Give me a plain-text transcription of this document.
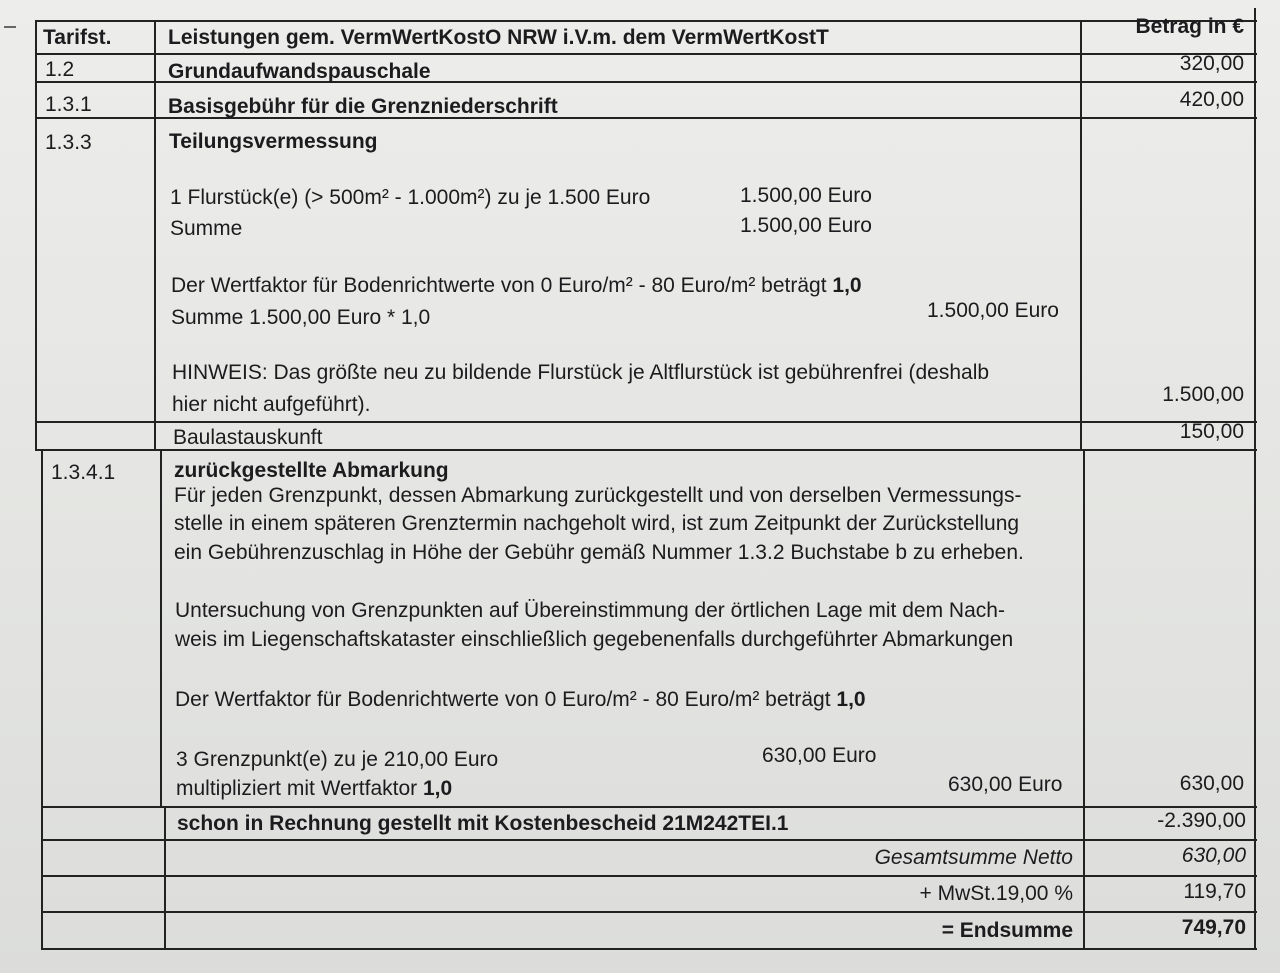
Tarifst.	Leistungen gem. VermWertKostO NRW i.V.m. dem VermWertKostT	Betrag in €
1.2	Grundaufwandspauschale	320,00
1.3.1	Basisgebühr für die Grenzniederschrift	420,00
1.3.3	Teilungsvermessung
1 Flurstück(e) (> 500m² - 1.000m²) zu je 1.500 Euro	1.500,00 Euro
Summe	1.500,00 Euro
Der Wertfaktor für Bodenrichtwerte von 0 Euro/m² - 80 Euro/m² beträgt 1,0
Summe 1.500,00 Euro * 1,0	1.500,00 Euro
HINWEIS: Das größte neu zu bildende Flurstück je Altflurstück ist gebührenfrei (deshalb
hier nicht aufgeführt).	1.500,00
Baulastauskunft	150,00
1.3.4.1	zurückgestellte Abmarkung
Für jeden Grenzpunkt, dessen Abmarkung zurückgestellt und von derselben Vermessungs-
stelle in einem späteren Grenztermin nachgeholt wird, ist zum Zeitpunkt der Zurückstellung
ein Gebührenzuschlag in Höhe der Gebühr gemäß Nummer 1.3.2 Buchstabe b zu erheben.
Untersuchung von Grenzpunkten auf Übereinstimmung der örtlichen Lage mit dem Nach-
weis im Liegenschaftskataster einschließlich gegebenenfalls durchgeführter Abmarkungen
Der Wertfaktor für Bodenrichtwerte von 0 Euro/m² - 80 Euro/m² beträgt 1,0
3 Grenzpunkt(e) zu je 210,00 Euro	630,00 Euro
multipliziert mit Wertfaktor 1,0	630,00 Euro	630,00
schon in Rechnung gestellt mit Kostenbescheid 21M242TEI.1	-2.390,00
Gesamtsumme Netto	630,00
+ MwSt.19,00 %	119,70
= Endsumme	749,70
